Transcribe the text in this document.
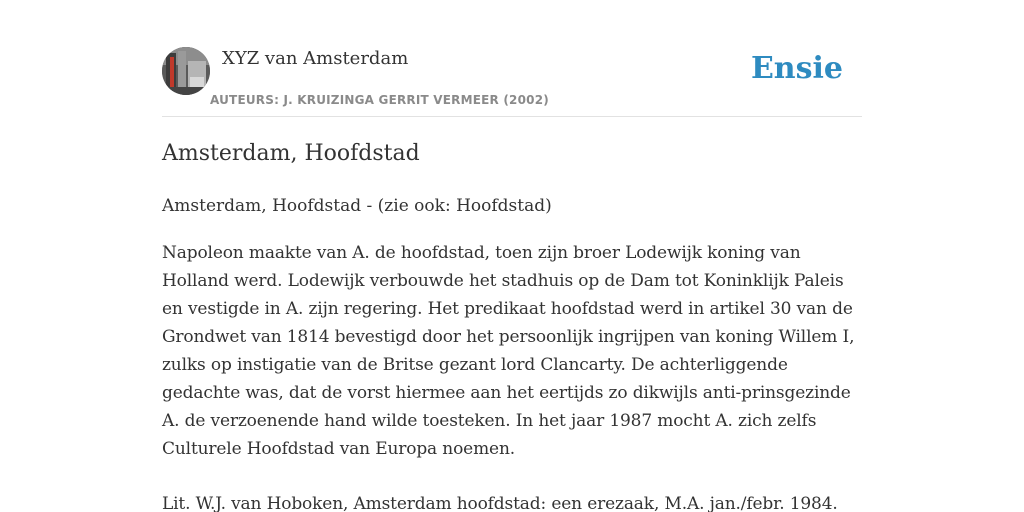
XYZ van Amsterdam
AUTEURS: J. KRUIZINGA GERRIT VERMEER (2002)
Ensie
Amsterdam, Hoofdstad

Amsterdam, Hoofdstad - (zie ook: Hoofdstad)

Napoleon maakte van A. de hoofdstad, toen zijn broer Lodewijk koning van
Holland werd. Lodewijk verbouwde het stadhuis op de Dam tot Koninklijk Paleis
en vestigde in A. zijn regering. Het predikaat hoofdstad werd in artikel 30 van de
Grondwet van 1814 bevestigd door het persoonlijk ingrijpen van koning Willem I,
zulks op instigatie van de Britse gezant lord Clancarty. De achterliggende
gedachte was, dat de vorst hiermee aan het eertijds zo dikwijls anti-prinsgezinde
A. de verzoenende hand wilde toesteken. In het jaar 1987 mocht A. zich zelfs
Culturele Hoofdstad van Europa noemen.

Lit. W.J. van Hoboken, Amsterdam hoofdstad: een erezaak, M.A. jan./febr. 1984.
